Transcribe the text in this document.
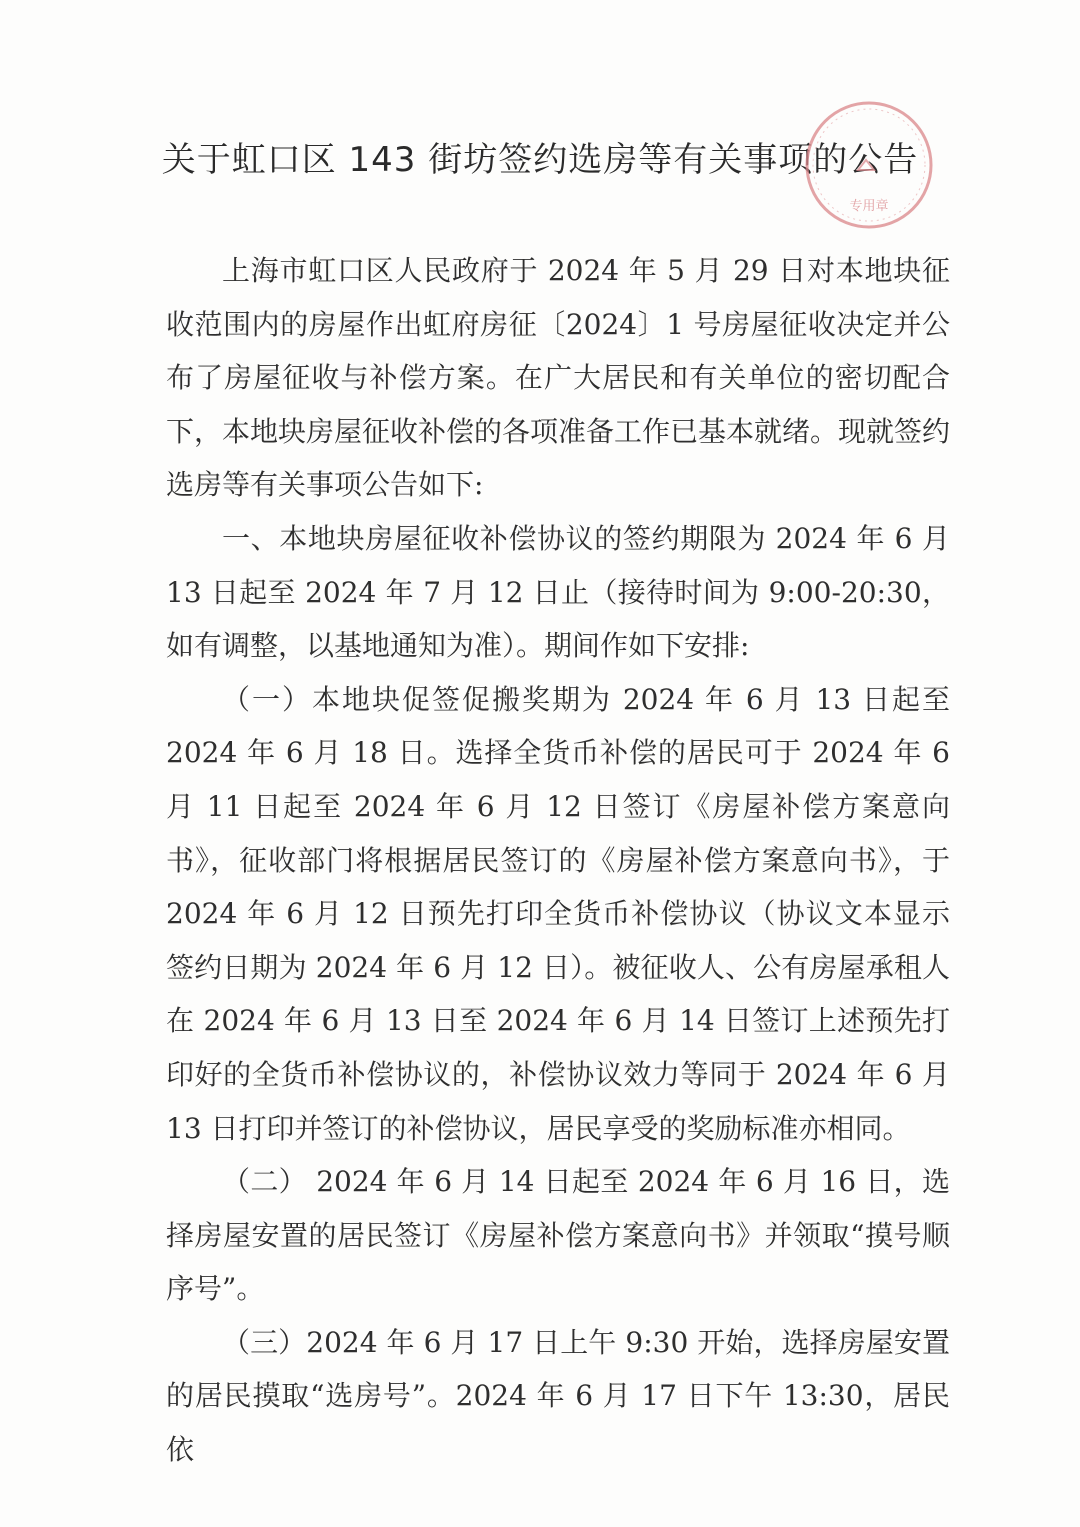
关于虹口区 143 街坊签约选房等有关事项的公告
专用章

上海市虹口区人民政府于 2024 年 5 月 29 日对本地块征收范围内的房屋作出虹府房征〔2024〕1 号房屋征收决定并公布了房屋征收与补偿方案。在广大居民和有关单位的密切配合下，本地块房屋征收补偿的各项准备工作已基本就绪。现就签约选房等有关事项公告如下:

一、本地块房屋征收补偿协议的签约期限为 2024 年 6 月 13 日起至 2024 年 7 月 12 日止（接待时间为 9:00-20:30，如有调整，以基地通知为准）。期间作如下安排:

（一）本地块促签促搬奖期为 2024 年 6 月 13 日起至 2024 年 6 月 18 日。选择全货币补偿的居民可于 2024 年 6 月 11 日起至 2024 年 6 月 12 日签订《房屋补偿方案意向书》，征收部门将根据居民签订的《房屋补偿方案意向书》，于 2024 年 6 月 12 日预先打印全货币补偿协议（协议文本显示签约日期为 2024 年 6 月 12 日）。被征收人、公有房屋承租人在 2024 年 6 月 13 日至 2024 年 6 月 14 日签订上述预先打印好的全货币补偿协议的，补偿协议效力等同于 2024 年 6 月 13 日打印并签订的补偿协议，居民享受的奖励标准亦相同。

（二） 2024 年 6 月 14 日起至 2024 年 6 月 16 日，选择房屋安置的居民签订《房屋补偿方案意向书》并领取“摸号顺序号”。

（三）2024 年 6 月 17 日上午 9:30 开始，选择房屋安置的居民摸取“选房号”。2024 年 6 月 17 日下午 13:30，居民依
